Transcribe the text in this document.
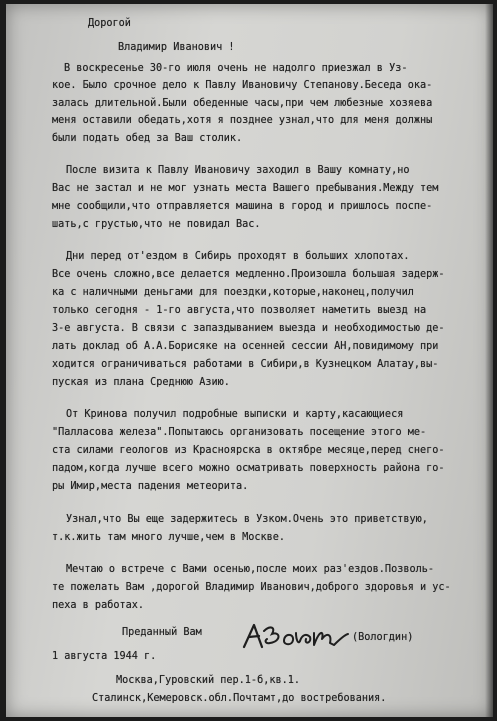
Дорогой
Владимир Иванович !
В воскресенье 30-го июля очень не надолго приезжал в Уз-
кое. Было срочное дело к Павлу Ивановичу Степанову.Беседа ока-
залась длительной.Были обеденные часы,при чем любезные хозяева
меня оставили обедать,хотя я позднее узнал,что для меня должны
были подать обед за Ваш столик.
После визита к Павлу Ивановичу заходил в Вашу комнату,но
Вас не застал и не мог узнать места Вашего пребывания.Между тем
мне сообщили,что отправляется машина в город и пришлось поспе-
шать,с грустью,что не повидал Вас.
Дни перед от'ездом в Сибирь проходят в больших хлопотах.
Все очень сложно,все делается медленно.Произошла большая задерж-
ка с наличными деньгами для поездки,которые,наконец,получил
только сегодня - 1-го августа,что позволяет наметить выезд на
3-е августа. В связи с запаздыванием выезда и необходимостью де-
лать доклад об А.А.Борисяке на осенней сессии АН,повидимому при
ходится ограничиваться работами в Сибири,в Кузнецком Алатау,вы-
пуская из плана Среднюю Азию.
От Кринова получил подробные выписки и карту,касающиеся
"Палласова железа".Попытаюсь организовать посещение этого ме-
ста силами геологов из Красноярска в октябре месяце,перед снего-
падом,когда лучше всего можно осматривать поверхность района го-
ры Имир,места падения метеорита.
Узнал,что Вы еще задержитесь в Узком.Очень это приветствую,
т.к.жить там много лучше,чем в Москве.
Мечтаю о встрече с Вами осенью,после моих раз'ездов.Позволь-
те пожелать Вам ,дорогой Владимир Иванович,доброго здоровья и ус-
пеха в работах.
Преданный Вам	(Вологдин)
1 августа 1944 г.
Москва,Гуровский пер.1-б,кв.1.
Сталинск,Кемеровск.обл.Почтамт,до востребования.
